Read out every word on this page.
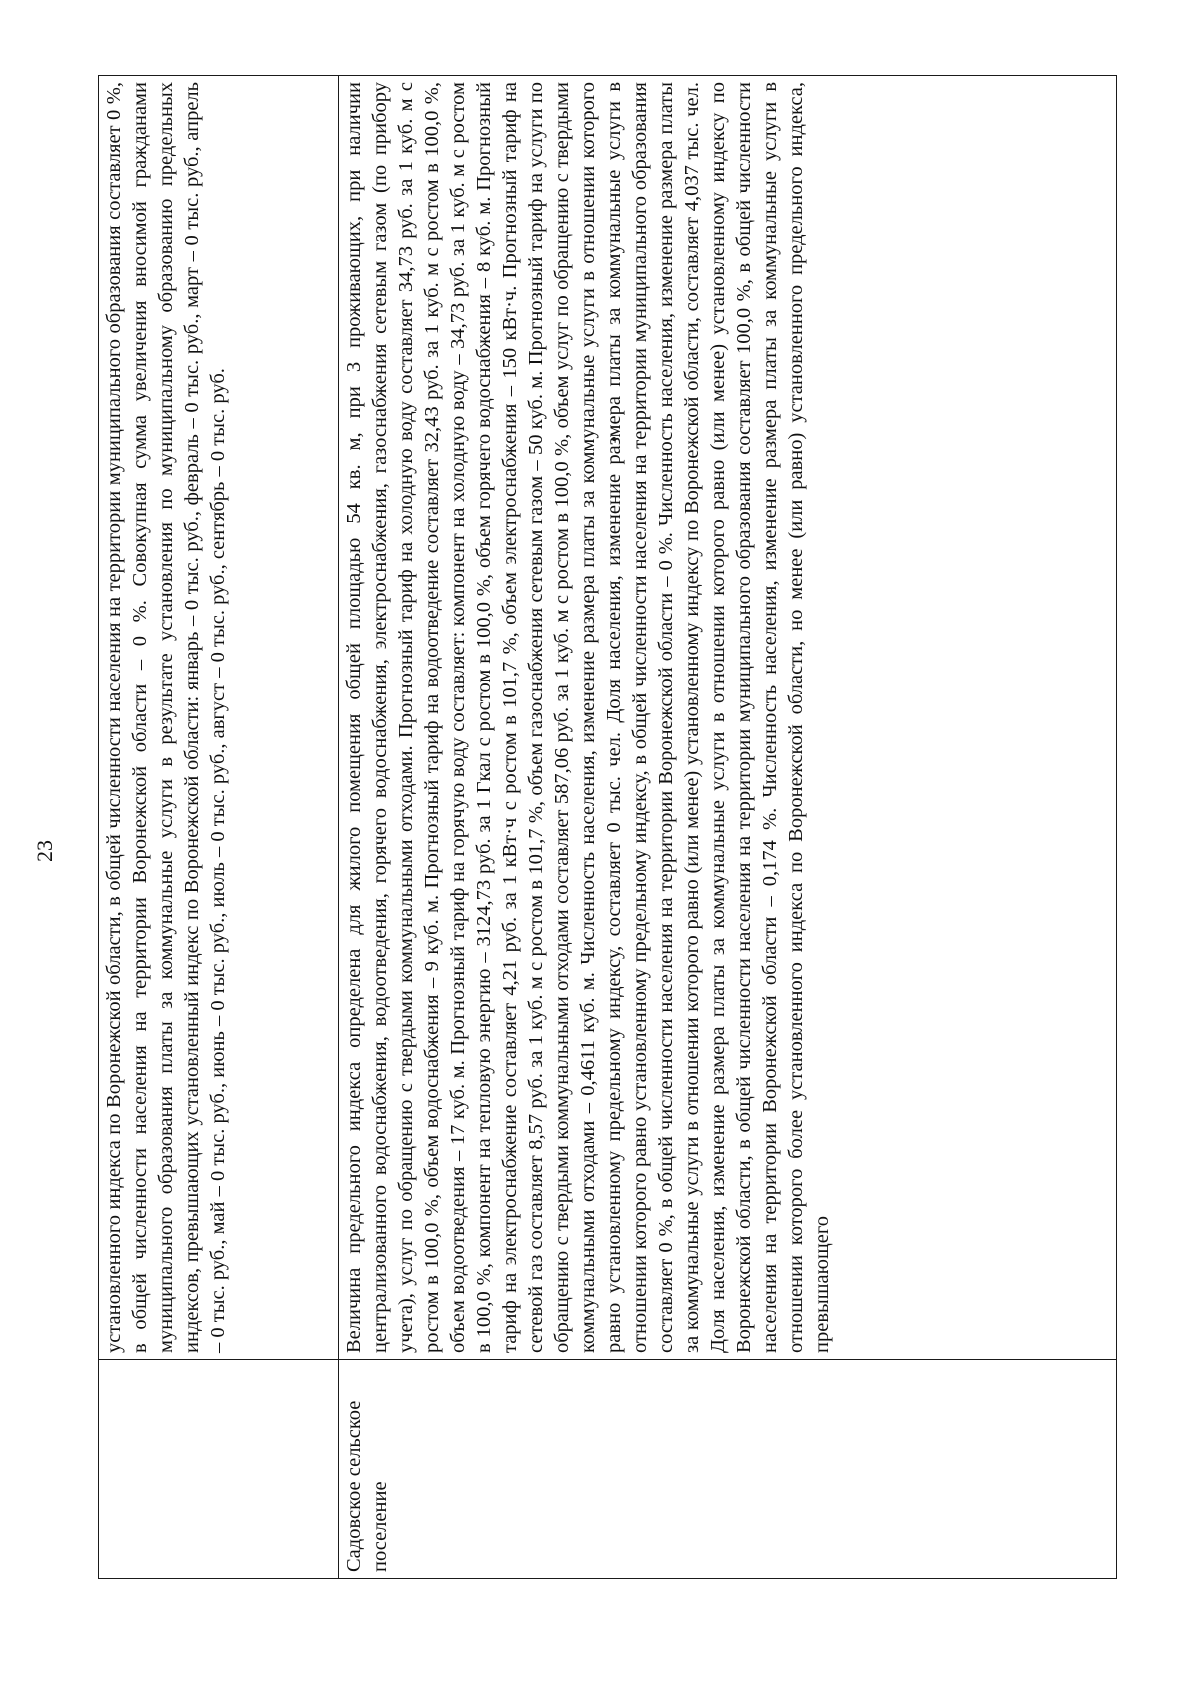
23
	установленного индекса по Воронежской области, в общей численности населения на территории муниципального образования составляет 0 %, в общей численности населения на территории Воронежской области – 0 %. Совокупная сумма увеличения вносимой гражданами муниципального образования платы за коммунальные услуги в результате установления по муниципальному образованию предельных индексов, превышающих установленный индекс по Воронежской области: январь – 0 тыс. руб., февраль – 0 тыс. руб., март – 0 тыс. руб., апрель – 0 тыс. руб., май – 0 тыс. руб., июнь – 0 тыс. руб., июль – 0 тыс. руб., август – 0 тыс. руб., сентябрь – 0 тыс. руб.
Садовское сельское поселение	Величина предельного индекса определена для жилого помещения общей площадью 54 кв. м, при 3 проживающих, при наличии централизованного водоснабжения, водоотведения, горячего водоснабжения, электроснабжения, газоснабжения сетевым газом (по прибору учета), услуг по обращению с твердыми коммунальными отходами. Прогнозный тариф на холодную воду составляет 34,73 руб. за 1 куб. м с ростом в 100,0 %, объем водоснабжения – 9 куб. м. Прогнозный тариф на водоотведение составляет 32,43 руб. за 1 куб. м с ростом в 100,0 %, объем водоотведения – 17 куб. м. Прогнозный тариф на горячую воду составляет: компонент на холодную воду – 34,73 руб. за 1 куб. м с ростом в 100,0 %, компонент на тепловую энергию – 3124,73 руб. за 1 Гкал с ростом в 100,0 %, объем горячего водоснабжения – 8 куб. м. Прогнозный тариф на электроснабжение составляет 4,21 руб. за 1 кВт·ч с ростом в 101,7 %, объем электроснабжения – 150 кВт·ч. Прогнозный тариф на сетевой газ составляет 8,57 руб. за 1 куб. м с ростом в 101,7 %, объем газоснабжения сетевым газом – 50 куб. м. Прогнозный тариф на услуги по обращению с твердыми коммунальными отходами составляет 587,06 руб. за 1 куб. м с ростом в 100,0 %, объем услуг по обращению с твердыми коммунальными отходами – 0,4611 куб. м. Численность населения, изменение размера платы за коммунальные услуги в отношении которого равно установленному предельному индексу, составляет 0 тыс. чел. Доля населения, изменение размера платы за коммунальные услуги в отношении которого равно установленному предельному индексу, в общей численности населения на территории муниципального образования составляет 0 %, в общей численности населения на территории Воронежской области – 0 %. Численность населения, изменение размера платы за коммунальные услуги в отношении которого равно (или менее) установленному индексу по Воронежской области, составляет 4,037 тыс. чел. Доля населения, изменение размера платы за коммунальные услуги в отношении которого равно (или менее) установленному индексу по Воронежской области, в общей численности населения на территории муниципального образования составляет 100,0 %, в общей численности населения на территории Воронежской области – 0,174 %. Численность населения, изменение размера платы за коммунальные услуги в отношении которого более установленного индекса по Воронежской области, но менее (или равно) установленного предельного индекса, превышающего
